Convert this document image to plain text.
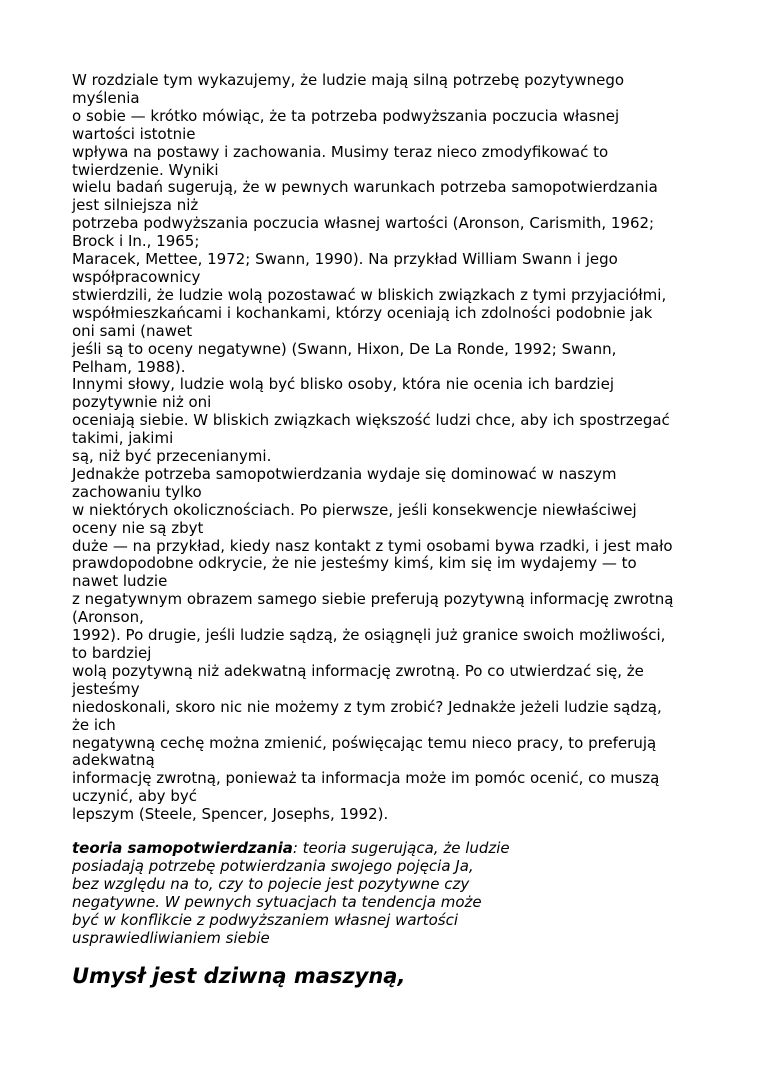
W rozdziale tym wykazujemy, że ludzie mają silną potrzebę pozytywnego
myślenia
o sobie — krótko mówiąc, że ta potrzeba podwyższania poczucia własnej
wartości istotnie
wpływa na postawy i zachowania. Musimy teraz nieco zmodyfikować to
twierdzenie. Wyniki
wielu badań sugerują, że w pewnych warunkach potrzeba samopotwierdzania
jest silniejsza niż
potrzeba podwyższania poczucia własnej wartości (Aronson, Carismith, 1962;
Brock i In., 1965;
Maracek, Mettee, 1972; Swann, 1990). Na przykład William Swann i jego
współpracownicy
stwierdzili, że ludzie wolą pozostawać w bliskich związkach z tymi przyjaciółmi,
współmieszkańcami i kochankami, którzy oceniają ich zdolności podobnie jak
oni sami (nawet
jeśli są to oceny negatywne) (Swann, Hixon, De La Ronde, 1992; Swann,
Pelham, 1988).
Innymi słowy, ludzie wolą być blisko osoby, która nie ocenia ich bardziej
pozytywnie niż oni
oceniają siebie. W bliskich związkach większość ludzi chce, aby ich spostrzegać
takimi, jakimi
są, niż być przecenianymi.
Jednakże potrzeba samopotwierdzania wydaje się dominować w naszym
zachowaniu tylko
w niektórych okolicznościach. Po pierwsze, jeśli konsekwencje niewłaściwej
oceny nie są zbyt
duże — na przykład, kiedy nasz kontakt z tymi osobami bywa rzadki, i jest mało
prawdopodobne odkrycie, że nie jesteśmy kimś, kim się im wydajemy — to
nawet ludzie
z negatywnym obrazem samego siebie preferują pozytywną informację zwrotną
(Aronson,
1992). Po drugie, jeśli ludzie sądzą, że osiągnęli już granice swoich możliwości,
to bardziej
wolą pozytywną niż adekwatną informację zwrotną. Po co utwierdzać się, że
jesteśmy
niedoskonali, skoro nic nie możemy z tym zrobić? Jednakże jeżeli ludzie sądzą,
że ich
negatywną cechę można zmienić, poświęcając temu nieco pracy, to preferują
adekwatną
informację zwrotną, ponieważ ta informacja może im pomóc ocenić, co muszą
uczynić, aby być
lepszym (Steele, Spencer, Josephs, 1992).
teoria samopotwierdzania: teoria sugerująca, że ludzie
posiadają potrzebę potwierdzania swojego pojęcia Ja,
bez względu na to, czy to pojecie jest pozytywne czy
negatywne. W pewnych sytuacjach ta tendencja może
być w konflikcie z podwyższaniem własnej wartości
usprawiedliwianiem siebie
Umysł jest dziwną maszyną,
